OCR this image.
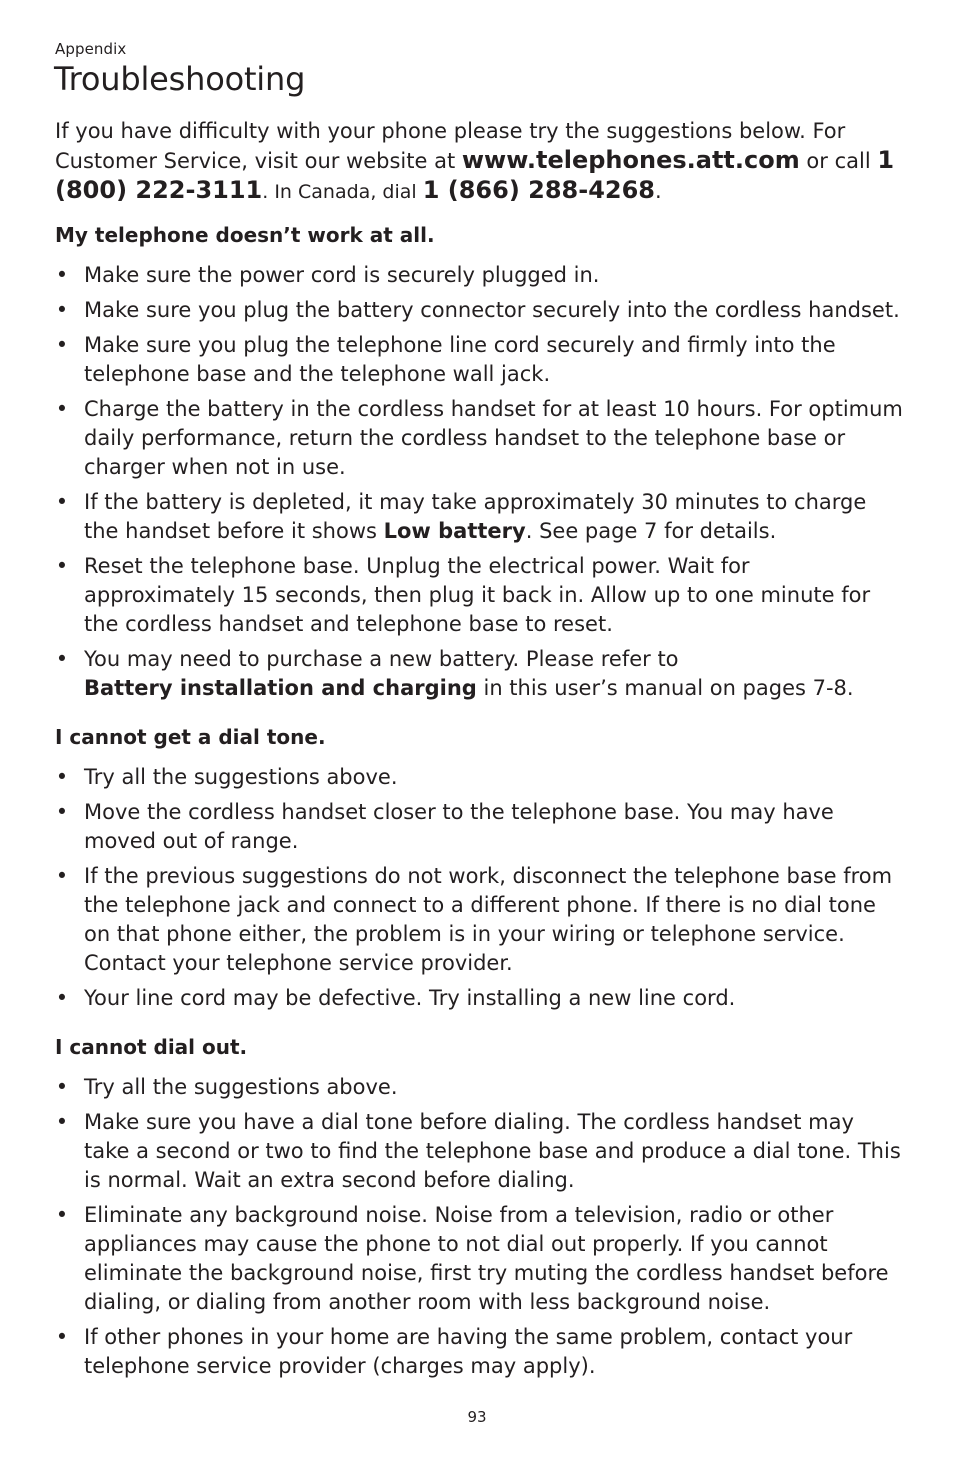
Appendix
Troubleshooting

If you have difficulty with your phone please try the suggestions below. For Customer Service, visit our website at www.telephones.att.com or call 1 (800) 222-3111. In Canada, dial 1 (866) 288-4268.

My telephone doesn’t work at all.
• Make sure the power cord is securely plugged in.
• Make sure you plug the battery connector securely into the cordless handset.
• Make sure you plug the telephone line cord securely and firmly into the telephone base and the telephone wall jack.
• Charge the battery in the cordless handset for at least 10 hours. For optimum daily performance, return the cordless handset to the telephone base or charger when not in use.
• If the battery is depleted, it may take approximately 30 minutes to charge the handset before it shows Low battery. See page 7 for details.
• Reset the telephone base. Unplug the electrical power. Wait for approximately 15 seconds, then plug it back in. Allow up to one minute for the cordless handset and telephone base to reset.
• You may need to purchase a new battery. Please refer to
Battery installation and charging in this user’s manual on pages 7-8.
I cannot get a dial tone.
• Try all the suggestions above.
• Move the cordless handset closer to the telephone base. You may have moved out of range.
• If the previous suggestions do not work, disconnect the telephone base from the telephone jack and connect to a different phone. If there is no dial tone on that phone either, the problem is in your wiring or telephone service. Contact your telephone service provider.
• Your line cord may be defective. Try installing a new line cord.
I cannot dial out.
• Try all the suggestions above.
• Make sure you have a dial tone before dialing. The cordless handset may take a second or two to find the telephone base and produce a dial tone. This is normal. Wait an extra second before dialing.
• Eliminate any background noise. Noise from a television, radio or other appliances may cause the phone to not dial out properly. If you cannot eliminate the background noise, first try muting the cordless handset before dialing, or dialing from another room with less background noise.
• If other phones in your home are having the same problem, contact your telephone service provider (charges may apply).
93
